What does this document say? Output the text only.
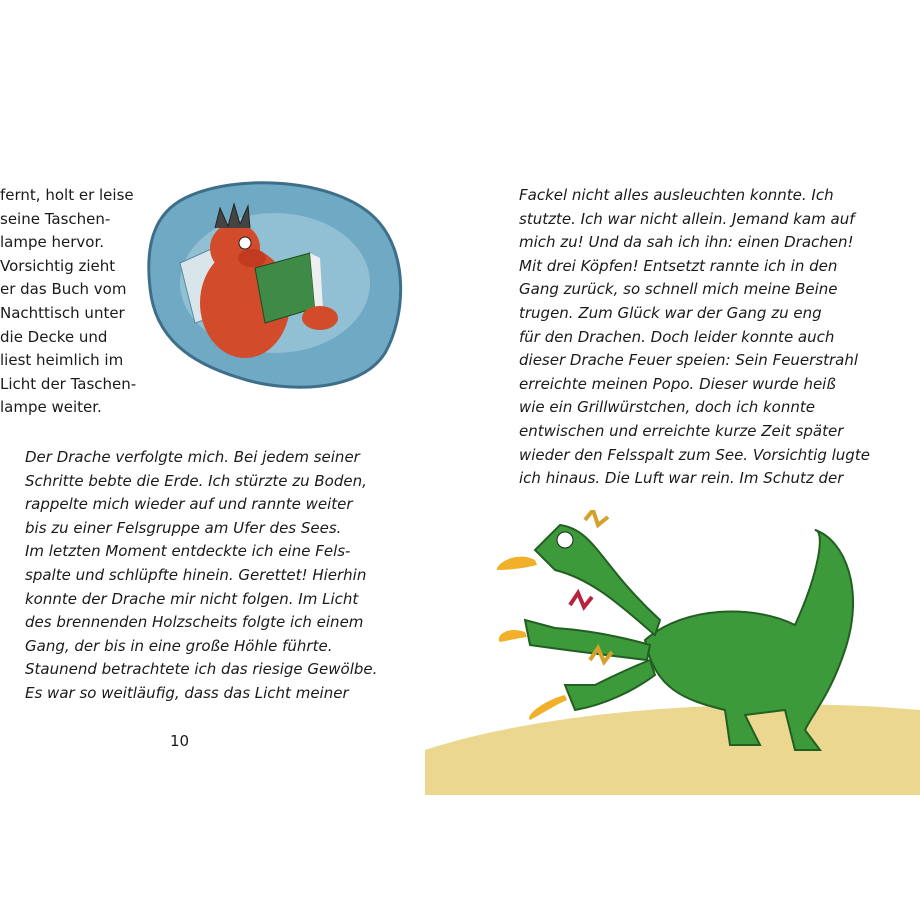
fernt, holt er leise
seine Taschen-
lampe hervor.
Vorsichtig zieht
er das Buch vom
Nachttisch unter
die Decke und
liest heimlich im
Licht der Taschen-
lampe weiter.
Der Drache verfolgte mich. Bei jedem seiner
Schritte bebte die Erde. Ich stürzte zu Boden,
rappelte mich wieder auf und rannte weiter
bis zu einer Felsgruppe am Ufer des Sees.
Im letzten Moment entdeckte ich eine Fels-
spalte und schlüpfte hinein. Gerettet! Hierhin
konnte der Drache mir nicht folgen. Im Licht
des brennenden Holzscheits folgte ich einem
Gang, der bis in eine große Höhle führte.
Staunend betrachtete ich das riesige Gewölbe.
Es war so weitläufig, dass das Licht meiner
Fackel nicht alles ausleuchten konnte. Ich
stutzte. Ich war nicht allein. Jemand kam auf
mich zu! Und da sah ich ihn: einen Drachen!
Mit drei Köpfen! Entsetzt rannte ich in den
Gang zurück, so schnell mich meine Beine
trugen. Zum Glück war der Gang zu eng
für den Drachen. Doch leider konnte auch
dieser Drache Feuer speien: Sein Feuerstrahl
erreichte meinen Popo. Dieser wurde heiß
wie ein Grillwürstchen, doch ich konnte
entwischen und erreichte kurze Zeit später
wieder den Felsspalt zum See. Vorsichtig lugte
ich hinaus. Die Luft war rein. Im Schutz der
10
